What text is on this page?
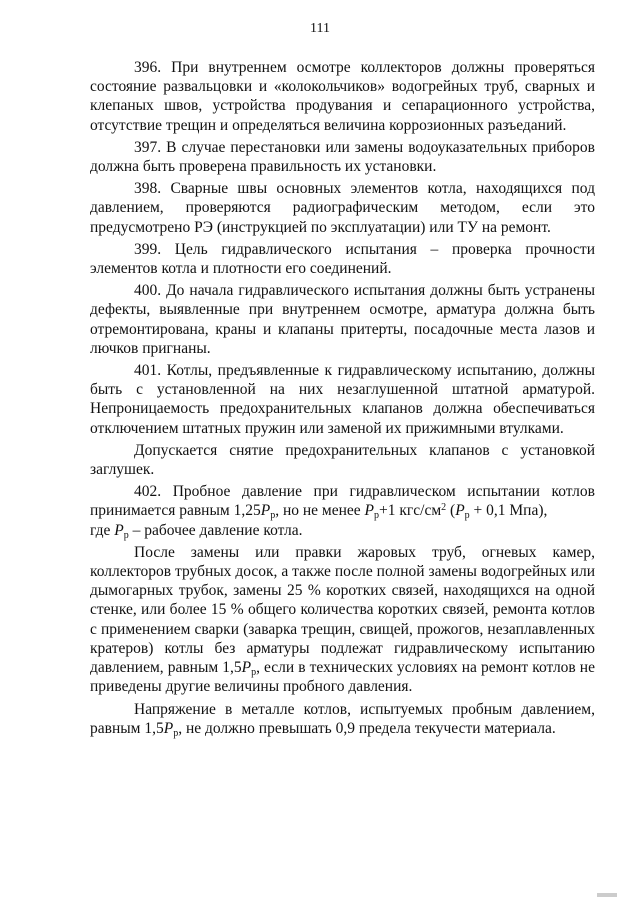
111

396. При внутреннем осмотре коллекторов должны проверяться состояние развальцовки и «колокольчиков» водогрейных труб, сварных и клепаных швов, устройства продувания и сепарационного устройства, отсутствие трещин и определяться величина коррозионных разъеданий.

397. В случае перестановки или замены водоуказательных приборов должна быть проверена правильность их установки.

398. Сварные швы основных элементов котла, находящихся под давлением, проверяются радиографическим методом, если это предусмотрено РЭ (инструкцией по эксплуатации) или ТУ на ремонт.

399. Цель гидравлического испытания – проверка прочности элементов котла и плотности его соединений.

400. До начала гидравлического испытания должны быть устранены дефекты, выявленные при внутреннем осмотре, арматура должна быть отремонтирована, краны и клапаны притерты, посадочные места лазов и лючков пригнаны.

401. Котлы, предъявленные к гидравлическому испытанию, должны быть с установленной на них незаглушенной штатной арматурой. Непроницаемость предохранительных клапанов должна обеспечиваться отключением штатных пружин или заменой их прижимными втулками.

Допускается снятие предохранительных клапанов с установкой заглушек.

402. Пробное давление при гидравлическом испытании котлов принимается равным $1,25P_р$, но не менее $P_р+1$ кгс/$см^2$ ($P_р + 0,1$ Мпа),
где $P_р$ – рабочее давление котла.

После замены или правки жаровых труб, огневых камер, коллекторов трубных досок, а также после полной замены водогрейных или дымогарных трубок, замены 25 % коротких связей, находящихся на одной стенке, или более 15 % общего количества коротких связей, ремонта котлов с применением сварки (заварка трещин, свищей, прожогов, незаплавленных кратеров) котлы без арматуры подлежат гидравлическому испытанию давлением, равным $1,5P_р$, если в технических условиях на ремонт котлов не приведены другие величины пробного давления.

Напряжение в металле котлов, испытуемых пробным давлением, равным $1,5P_р$, не должно превышать 0,9 предела текучести материала.
